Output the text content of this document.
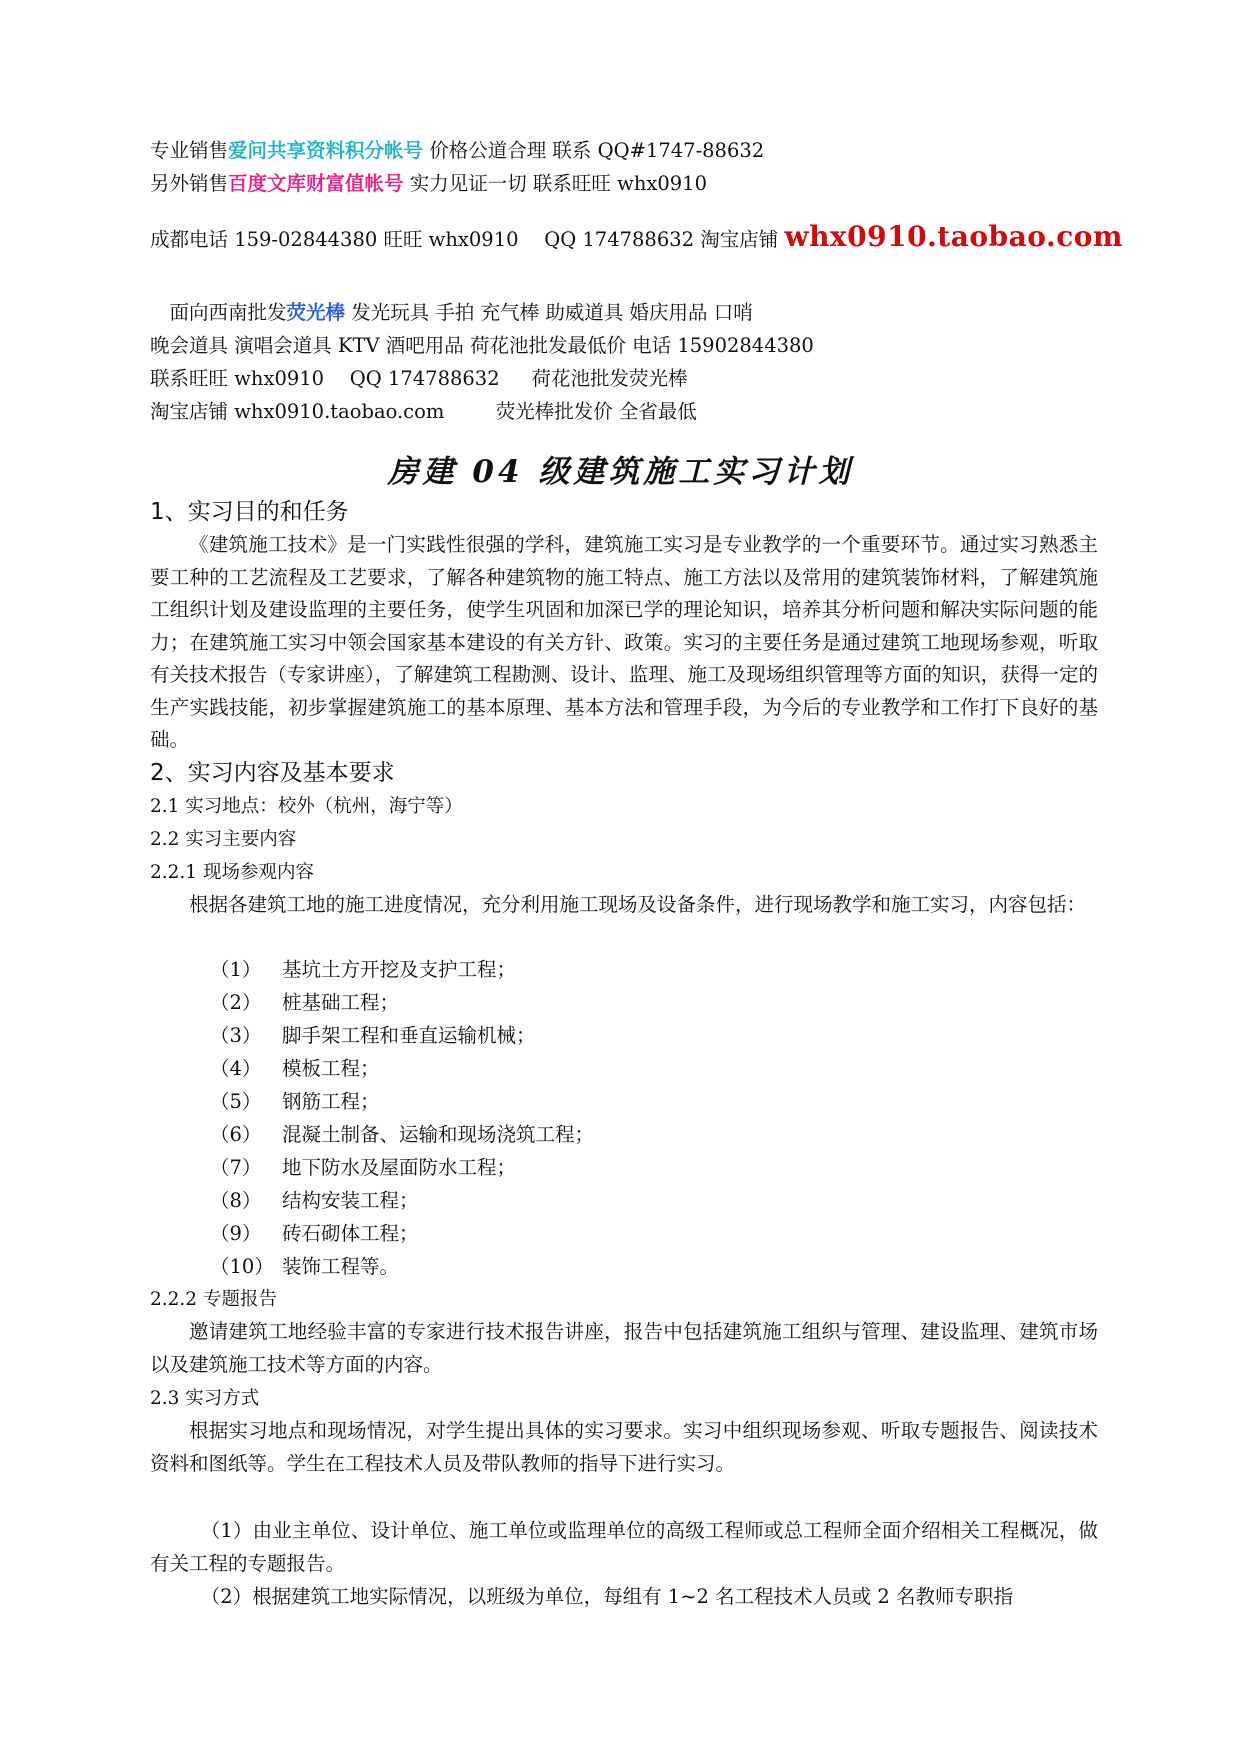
专业销售爱问共享资料积分帐号 价格公道合理 联系 QQ#1747-88632
另外销售百度文库财富值帐号 实力见证一切 联系旺旺 whx0910
成都电话 159-02844380 旺旺 whx0910 　QQ 174788632 淘宝店铺 whx0910.taobao.com
　面向西南批发荧光棒 发光玩具 手拍 充气棒 助威道具 婚庆用品 口哨
晚会道具 演唱会道具 KTV 酒吧用品 荷花池批发最低价 电话 15902844380
联系旺旺 whx0910 　QQ 174788632 　 荷花池批发荧光棒
淘宝店铺 whx0910.taobao.com 　　 荧光棒批发价 全省最低
房建 04 级建筑施工实习计划
1、实习目的和任务
《建筑施工技术》是一门实践性很强的学科，建筑施工实习是专业教学的一个重要环节。通过实习熟悉主要工种的工艺流程及工艺要求，了解各种建筑物的施工特点、施工方法以及常用的建筑装饰材料，了解建筑施工组织计划及建设监理的主要任务，使学生巩固和加深已学的理论知识，培养其分析问题和解决实际问题的能力；在建筑施工实习中领会国家基本建设的有关方针、政策。实习的主要任务是通过建筑工地现场参观，听取有关技术报告（专家讲座），了解建筑工程勘测、设计、监理、施工及现场组织管理等方面的知识，获得一定的生产实践技能，初步掌握建筑施工的基本原理、基本方法和管理手段，为今后的专业教学和工作打下良好的基础。
2、实习内容及基本要求
2.1 实习地点：校外（杭州，海宁等）
2.2 实习主要内容
2.2.1 现场参观内容
根据各建筑工地的施工进度情况，充分利用施工现场及设备条件，进行现场教学和施工实习，内容包括：
（1） 基坑土方开挖及支护工程；
（2） 桩基础工程；
（3） 脚手架工程和垂直运输机械；
（4） 模板工程；
（5） 钢筋工程；
（6） 混凝土制备、运输和现场浇筑工程；
（7） 地下防水及屋面防水工程；
（8） 结构安装工程；
（9） 砖石砌体工程；
（10） 装饰工程等。
2.2.2 专题报告
邀请建筑工地经验丰富的专家进行技术报告讲座，报告中包括建筑施工组织与管理、建设监理、建筑市场以及建筑施工技术等方面的内容。
2.3 实习方式
根据实习地点和现场情况，对学生提出具体的实习要求。实习中组织现场参观、听取专题报告、阅读技术资料和图纸等。学生在工程技术人员及带队教师的指导下进行实习。
（1）由业主单位、设计单位、施工单位或监理单位的高级工程师或总工程师全面介绍相关工程概况，做有关工程的专题报告。
（2）根据建筑工地实际情况，以班级为单位，每组有 1~2 名工程技术人员或 2 名教师专职指
